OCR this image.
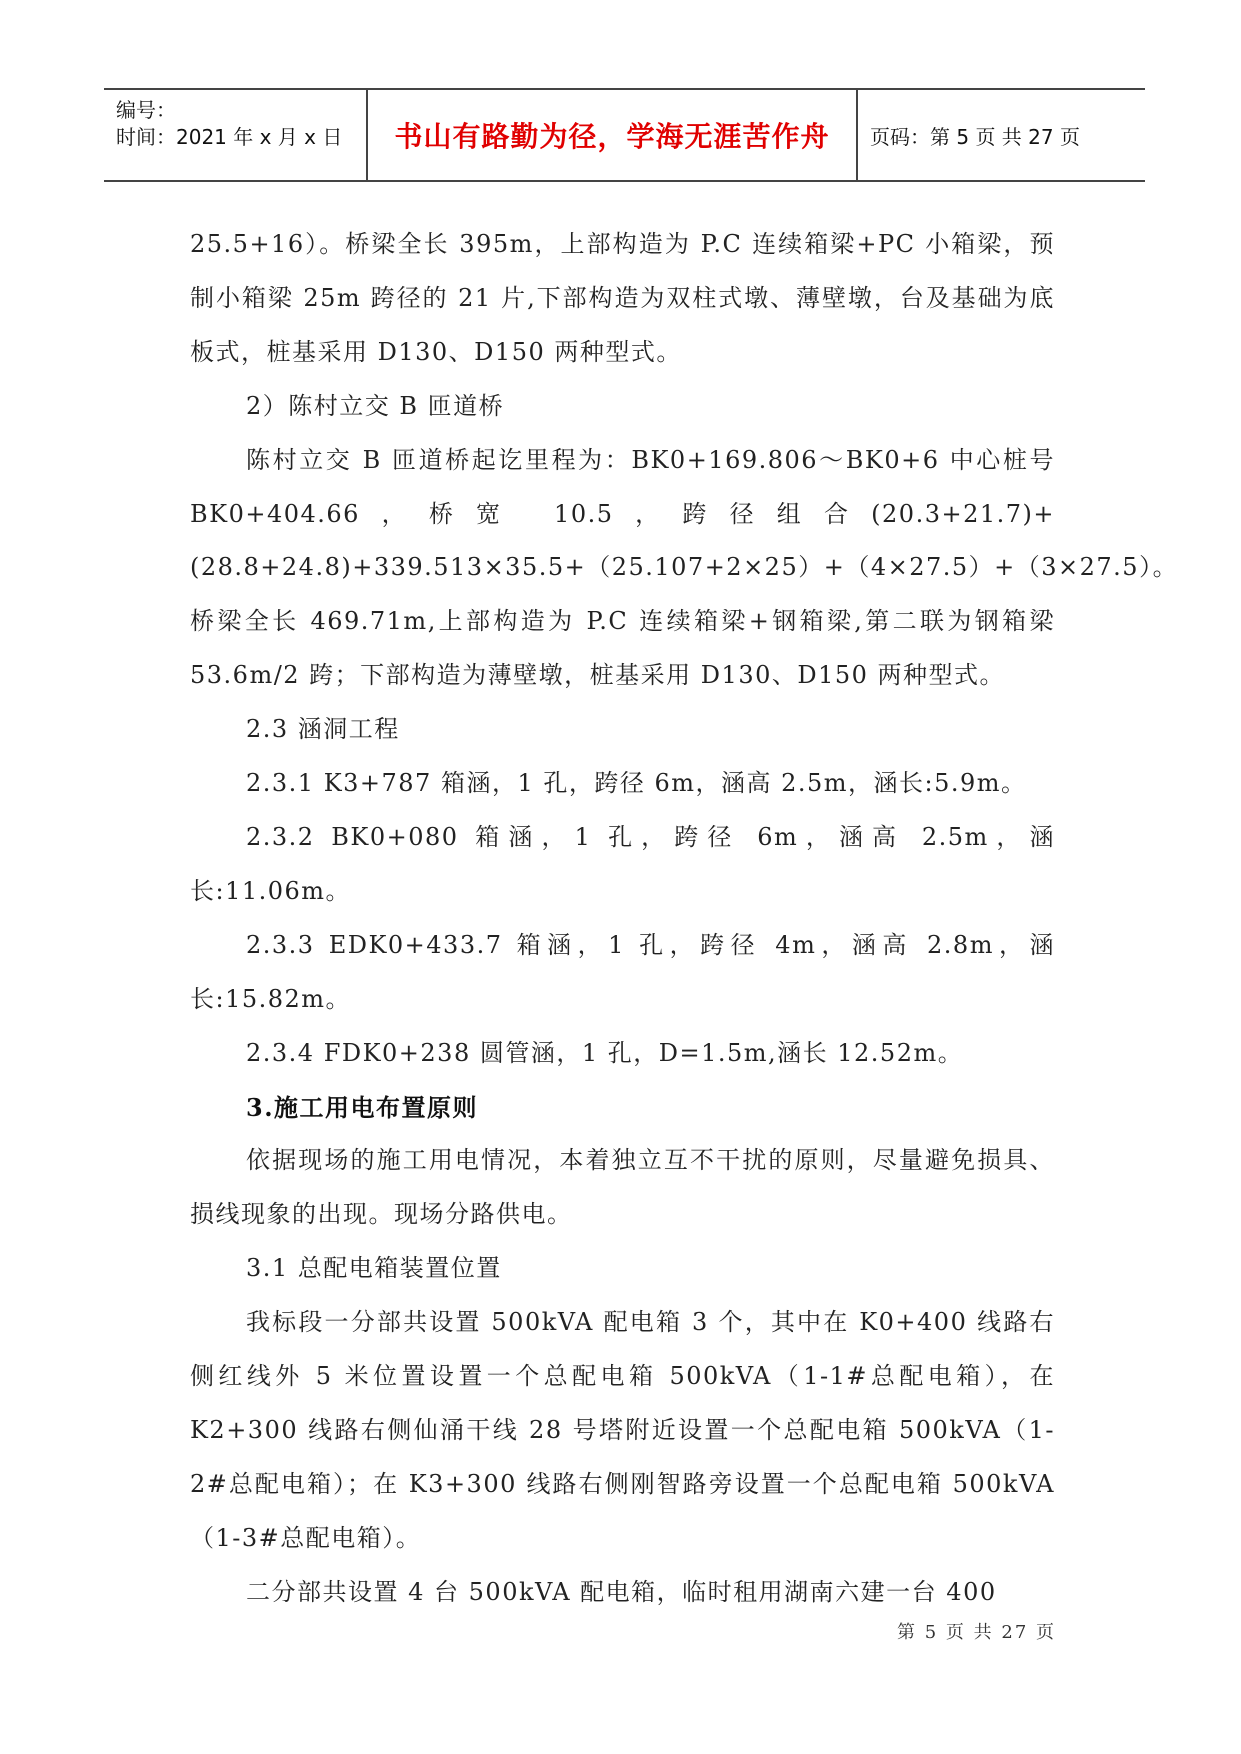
编号：
时间：2021 年 x 月 x 日 书山有路勤为径，学海无涯苦作舟 页码：第 5 页 共 27 页

25.5+16）。桥梁全长 395m，上部构造为 P.C 连续箱梁+PC 小箱梁，预制小箱梁 25m 跨径的 21 片,下部构造为双柱式墩、薄壁墩，台及基础为底板式，桩基采用 D130、D150 两种型式。

2）陈村立交 B 匝道桥

陈村立交 B 匝道桥起讫里程为：BK0+169.806～BK0+6 中心桩号 BK0+404.66，桥宽 10.5，跨径组合(20.3+21.7)+(28.8+24.8)+339.513×35.5+（25.107+2×25）+（4×27.5）+（3×27.5）。桥梁全长 469.71m,上部构造为 P.C 连续箱梁+钢箱梁,第二联为钢箱梁 53.6m/2 跨；下部构造为薄壁墩，桩基采用 D130、D150 两种型式。

2.3 涵洞工程

2.3.1 K3+787 箱涵，1 孔，跨径 6m，涵高 2.5m，涵长:5.9m。

2.3.2 BK0+080 箱涵，1 孔，跨径 6m，涵高 2.5m，涵长:11.06m。

2.3.3 EDK0+433.7 箱涵，1 孔，跨径 4m，涵高 2.8m，涵长:15.82m。

2.3.4 FDK0+238 圆管涵，1 孔，D=1.5m,涵长 12.52m。

3.施工用电布置原则

依据现场的施工用电情况，本着独立互不干扰的原则，尽量避免损具、损线现象的出现。现场分路供电。

3.1 总配电箱装置位置

我标段一分部共设置 500kVA 配电箱 3 个，其中在 K0+400 线路右侧红线外 5 米位置设置一个总配电箱 500kVA（1-1#总配电箱），在 K2+300 线路右侧仙涌干线 28 号塔附近设置一个总配电箱 500kVA（1-2#总配电箱）；在 K3+300 线路右侧刚智路旁设置一个总配电箱 500kVA（1-3#总配电箱）。

二分部共设置 4 台 500kVA 配电箱，临时租用湖南六建一台 400

第 5 页 共 27 页
